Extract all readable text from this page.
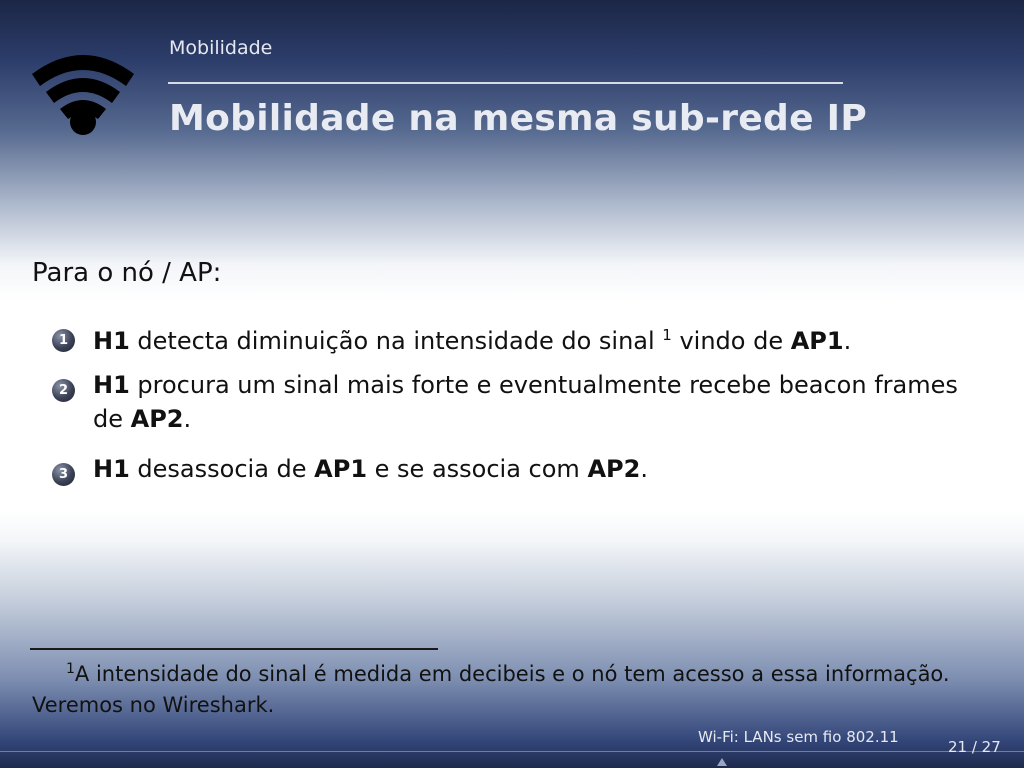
Mobilidade
Mobilidade na mesma sub-rede IP
Para o nó / AP:
1 H1 detecta diminuição na intensidade do sinal $^1$ vindo de AP1.
2 H1 procura um sinal mais forte e eventualmente recebe beacon frames de AP2.
3 H1 desassocia de AP1 e se associa com AP2.
$^1$A intensidade do sinal é medida em decibeis e o nó tem acesso a essa informação. Veremos no Wireshark.
Wi-Fi: LANs sem fio 802.11
21 / 27
